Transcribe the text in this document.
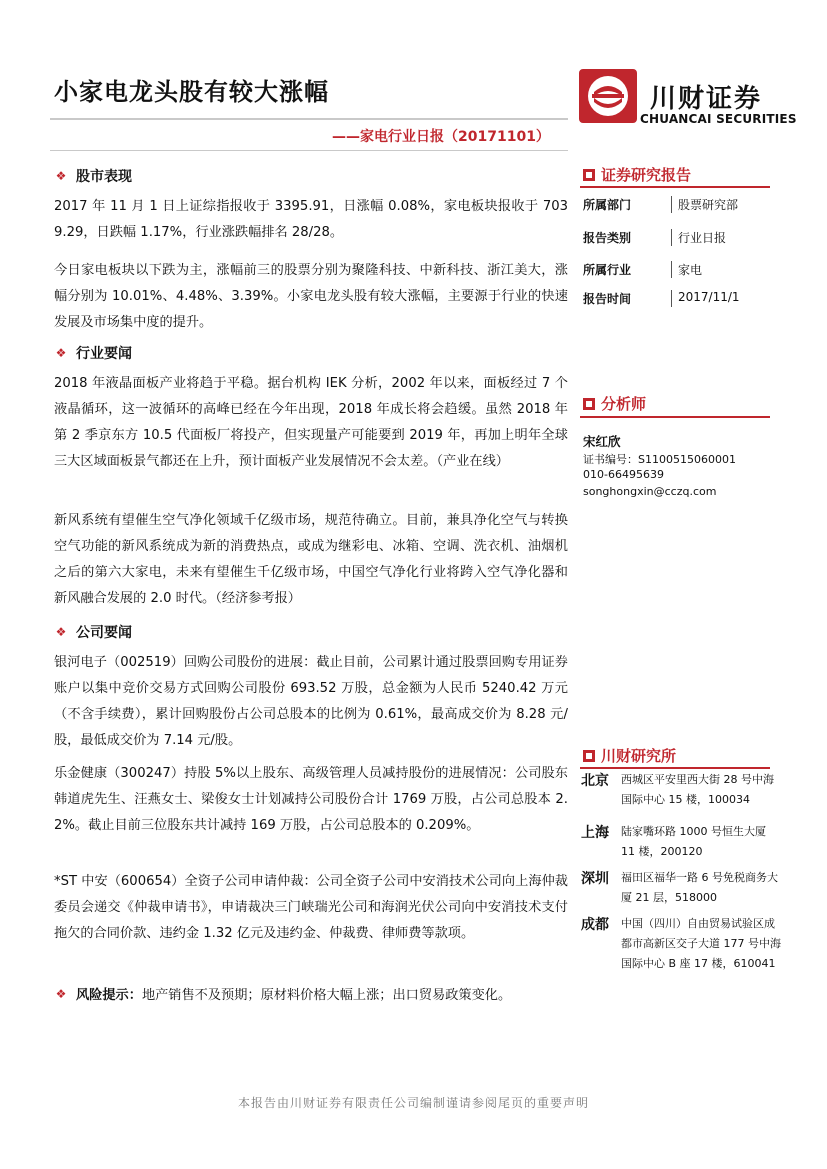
小家电龙头股有较大涨幅
——家电行业日报（20171101）
川财证券
CHUANCAI SECURITIES
❖ 股市表现
2017 年 11 月 1 日上证综指报收于 3395.91，日涨幅 0.08%，家电板块报收于 7039.29，日跌幅 1.17%，行业涨跌幅排名 28/28。
今日家电板块以下跌为主，涨幅前三的股票分别为聚隆科技、中新科技、浙江美大，涨幅分别为 10.01%、4.48%、3.39%。小家电龙头股有较大涨幅，主要源于行业的快速发展及市场集中度的提升。
❖ 行业要闻
2018 年液晶面板产业将趋于平稳。据台机构 IEK 分析，2002 年以来，面板经过 7 个液晶循环，这一波循环的高峰已经在今年出现，2018 年成长将会趋缓。虽然 2018 年第 2 季京东方 10.5 代面板厂将投产，但实现量产可能要到 2019 年，再加上明年全球三大区域面板景气都还在上升，预计面板产业发展情况不会太差。（产业在线）
新风系统有望催生空气净化领域千亿级市场，规范待确立。目前，兼具净化空气与转换空气功能的新风系统成为新的消费热点，或成为继彩电、冰箱、空调、洗衣机、油烟机之后的第六大家电，未来有望催生千亿级市场，中国空气净化行业将跨入空气净化器和新风融合发展的 2.0 时代。（经济参考报）
❖ 公司要闻
银河电子（002519）回购公司股份的进展：截止目前，公司累计通过股票回购专用证券账户以集中竞价交易方式回购公司股份 693.52 万股，总金额为人民币 5240.42 万元（不含手续费），累计回购股份占公司总股本的比例为 0.61%，最高成交价为 8.28 元/股，最低成交价为 7.14 元/股。
乐金健康（300247）持股 5%以上股东、高级管理人员减持股份的进展情况：公司股东韩道虎先生、汪燕女士、梁俊女士计划减持公司股份合计 1769 万股，占公司总股本 2.2%。截止目前三位股东共计减持 169 万股，占公司总股本的 0.209%。
*ST 中安（600654）全资子公司申请仲裁：公司全资子公司中安消技术公司向上海仲裁委员会递交《仲裁申请书》，申请裁决三门峡瑞光公司和海润光伏公司向中安消技术支付拖欠的合同价款、违约金 1.32 亿元及违约金、仲裁费、律师费等款项。
❖ 风险提示： 地产销售不及预期；原材料价格大幅上涨；出口贸易政策变化。
证券研究报告
所属部门	股票研究部
报告类别	行业日报
所属行业	家电
报告时间	2017/11/1
分析师
宋红欣
证书编号：S1100515060001
010-66495639
songhongxin@cczq.com
川财研究所
北京	西城区平安里西大街 28 号中海国际中心 15 楼，100034
上海	陆家嘴环路 1000 号恒生大厦 11 楼，200120
深圳	福田区福华一路 6 号免税商务大厦 21 层，518000
成都	中国（四川）自由贸易试验区成都市高新区交子大道 177 号中海国际中心 B 座 17 楼，610041
本报告由川财证券有限责任公司编制谨请参阅尾页的重要声明
